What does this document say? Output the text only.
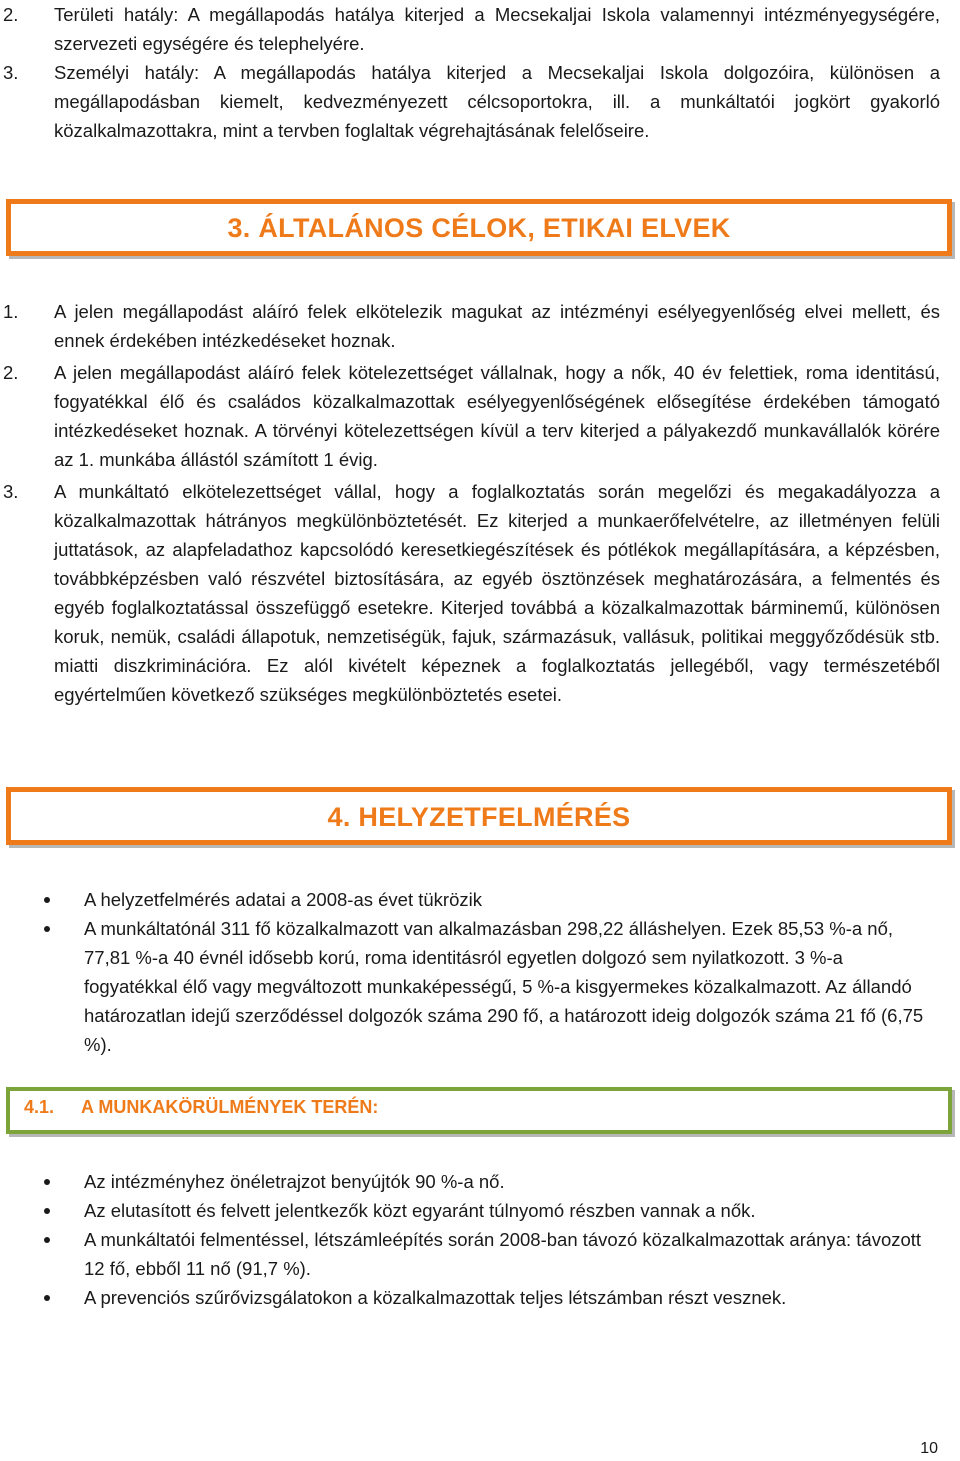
2. Területi hatály: A megállapodás hatálya kiterjed a Mecsekaljai Iskola valamennyi intézményegységére, szervezeti egységére és telephelyére.
3. Személyi hatály: A megállapodás hatálya kiterjed a Mecsekaljai Iskola dolgozóira, különösen a megállapodásban kiemelt, kedvezményezett célcsoportokra, ill. a munkáltatói jogkört gyakorló közalkalmazottakra, mint a tervben foglaltak végrehajtásának felelőseire.
3. ÁLTALÁNOS CÉLOK, ETIKAI ELVEK
1. A jelen megállapodást aláíró felek elkötelezik magukat az intézményi esélyegyenlőség elvei mellett, és ennek érdekében intézkedéseket hoznak.
2. A jelen megállapodást aláíró felek kötelezettséget vállalnak, hogy a nők, 40 év felettiek, roma identitású, fogyatékkal élő és családos közalkalmazottak esélyegyenlőségének elősegítése érdekében támogató intézkedéseket hoznak. A törvényi kötelezettségen kívül a terv kiterjed a pályakezdő munkavállalók körére az 1. munkába állástól számított 1 évig.
3. A munkáltató elkötelezettséget vállal, hogy a foglalkoztatás során megelőzi és megakadályozza a közalkalmazottak hátrányos megkülönböztetését. Ez kiterjed a munkaerőfelvételre, az illetményen felüli juttatások, az alapfeladathoz kapcsolódó keresetkiegészítések és pótlékok megállapítására, a képzésben, továbbképzésben való részvétel biztosítására, az egyéb ösztönzések meghatározására, a felmentés és egyéb foglalkoztatással összefüggő esetekre. Kiterjed továbbá a közalkalmazottak bárminemű, különösen koruk, nemük, családi állapotuk, nemzetiségük, fajuk, származásuk, vallásuk, politikai meggyőződésük stb. miatti diszkriminációra. Ez alól kivételt képeznek a foglalkoztatás jellegéből, vagy természetéből egyértelműen következő szükséges megkülönböztetés esetei.
4. HELYZETFELMÉRÉS
A helyzetfelmérés adatai a 2008-as évet tükrözik
A munkáltatónál 311 fő közalkalmazott van alkalmazásban 298,22 álláshelyen. Ezek 85,53 %-a nő, 77,81 %-a 40 évnél idősebb korú, roma identitásról egyetlen dolgozó sem nyilatkozott. 3 %-a fogyatékkal élő vagy megváltozott munkaképességű, 5 %-a kisgyermekes közalkalmazott. Az állandó határozatlan idejű szerződéssel dolgozók száma 290 fő, a határozott ideig dolgozók száma 21 fő (6,75 %).
4.1. A MUNKAKÖRÜLMÉNYEK TERÉN:
Az intézményhez önéletrajzot benyújtók 90 %-a nő.
Az elutasított és felvett jelentkezők közt egyaránt túlnyomó részben vannak a nők.
A munkáltatói felmentéssel, létszámleépítés során 2008-ban távozó közalkalmazottak aránya: távozott 12 fő, ebből 11 nő (91,7 %).
A prevenciós szűrővizsgálatokon a közalkalmazottak teljes létszámban részt vesznek.
10
